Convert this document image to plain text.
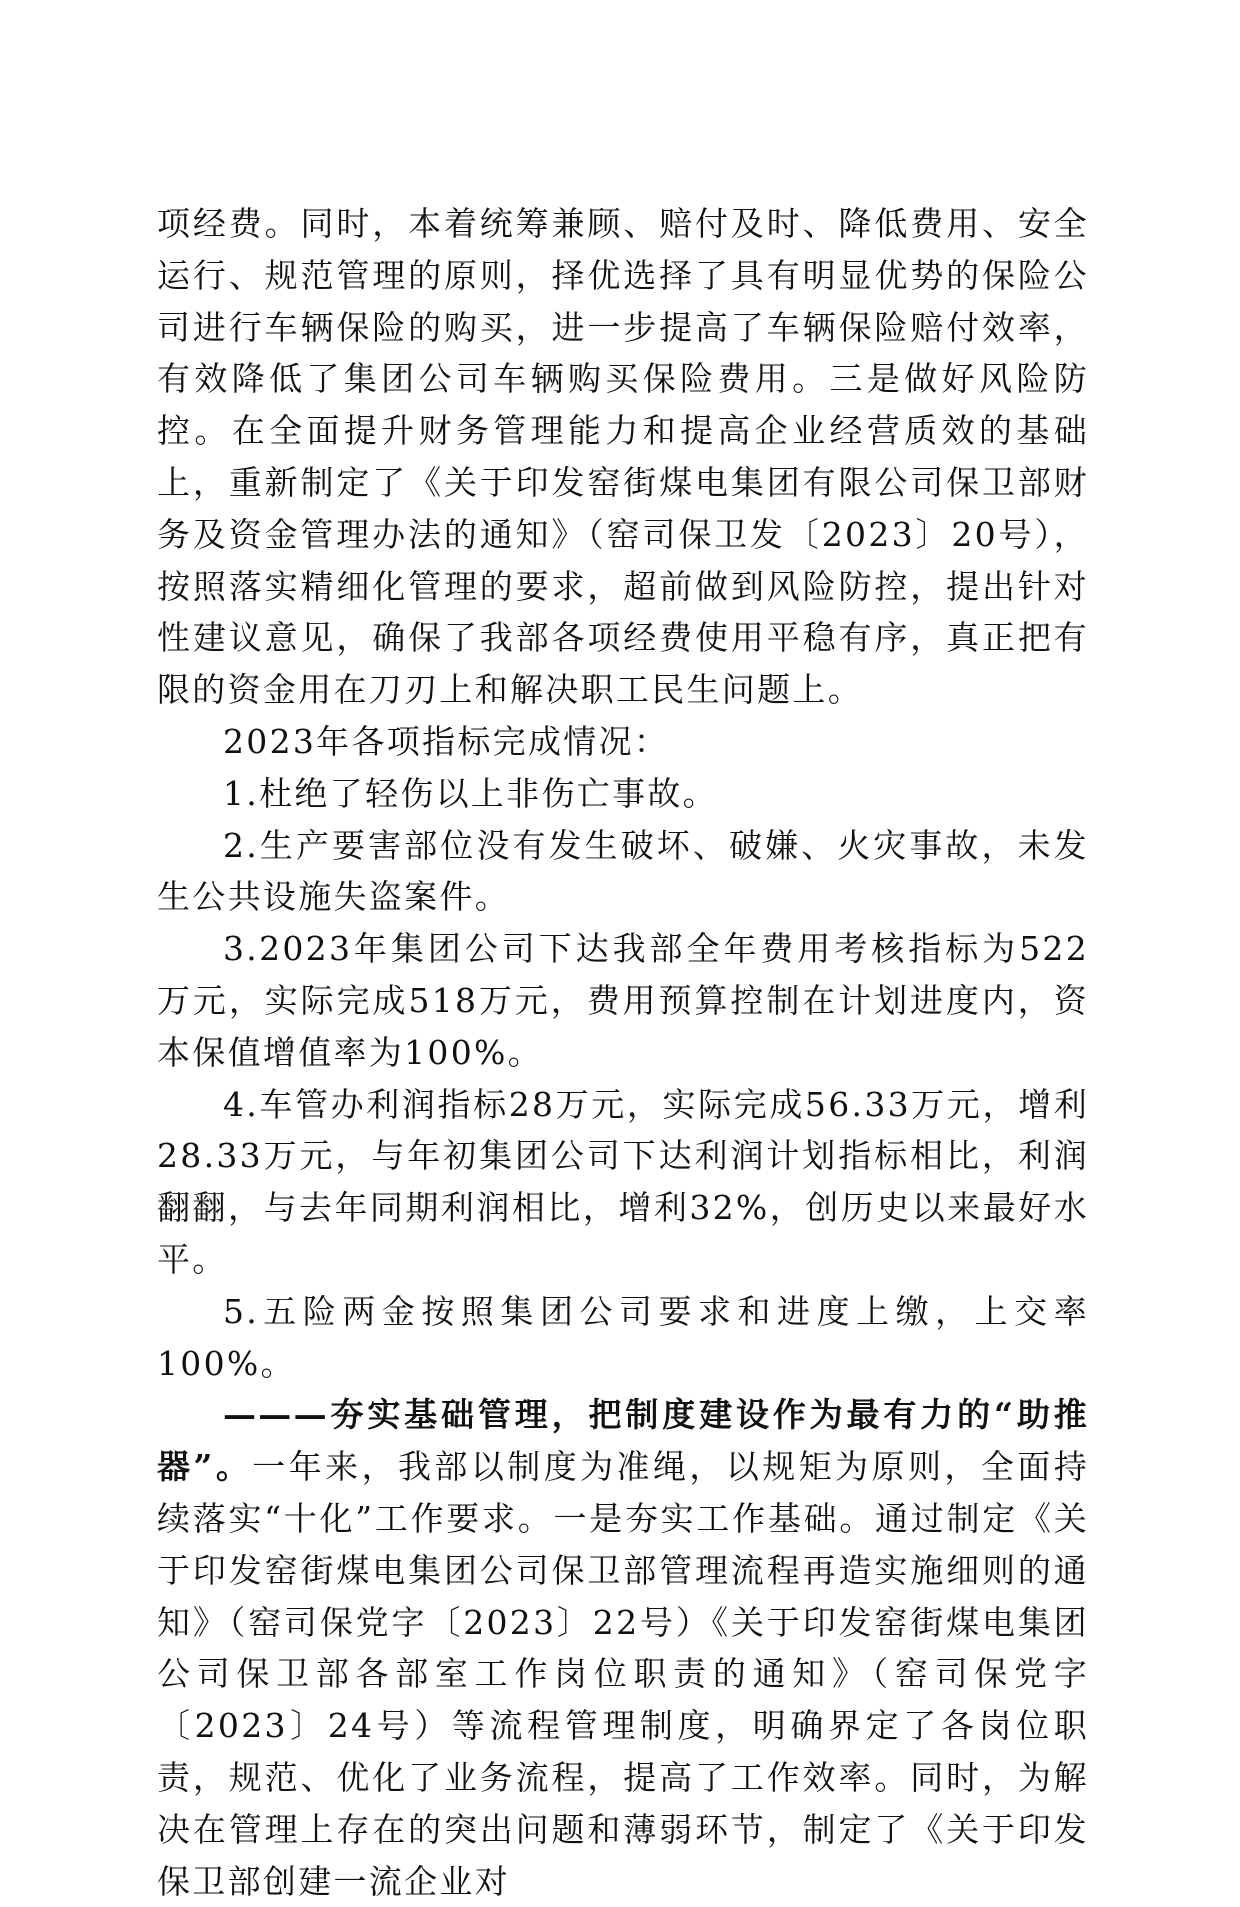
项经费。同时，本着统筹兼顾、赔付及时、降低费用、安全运行、规范管理的原则，择优选择了具有明显优势的保险公司进行车辆保险的购买，进一步提高了车辆保险赔付效率，有效降低了集团公司车辆购买保险费用。三是做好风险防控。在全面提升财务管理能力和提高企业经营质效的基础上，重新制定了《关于印发窑街煤电集团有限公司保卫部财务及资金管理办法的通知》（窑司保卫发〔2023〕20号），按照落实精细化管理的要求，超前做到风险防控，提出针对性建议意见，确保了我部各项经费使用平稳有序，真正把有限的资金用在刀刃上和解决职工民生问题上。

2023年各项指标完成情况：

1.杜绝了轻伤以上非伤亡事故。

2.生产要害部位没有发生破坏、破嫌、火灾事故，未发生公共设施失盗案件。

3.2023年集团公司下达我部全年费用考核指标为522万元，实际完成518万元，费用预算控制在计划进度内，资本保值增值率为100%。

4.车管办利润指标28万元，实际完成56.33万元，增利28.33万元，与年初集团公司下达利润计划指标相比，利润翻翻，与去年同期利润相比，增利32%，创历史以来最好水平。

5.五险两金按照集团公司要求和进度上缴，上交率100%。

———夯实基础管理，把制度建设作为最有力的“助推器”。一年来，我部以制度为准绳，以规矩为原则，全面持续落实“十化”工作要求。一是夯实工作基础。通过制定《关于印发窑街煤电集团公司保卫部管理流程再造实施细则的通知》（窑司保党字〔2023〕22号）《关于印发窑街煤电集团公司保卫部各部室工作岗位职责的通知》（窑司保党字〔2023〕24号）等流程管理制度，明确界定了各岗位职责，规范、优化了业务流程，提高了工作效率。同时，为解决在管理上存在的突出问题和薄弱环节，制定了《关于印发保卫部创建一流企业对
